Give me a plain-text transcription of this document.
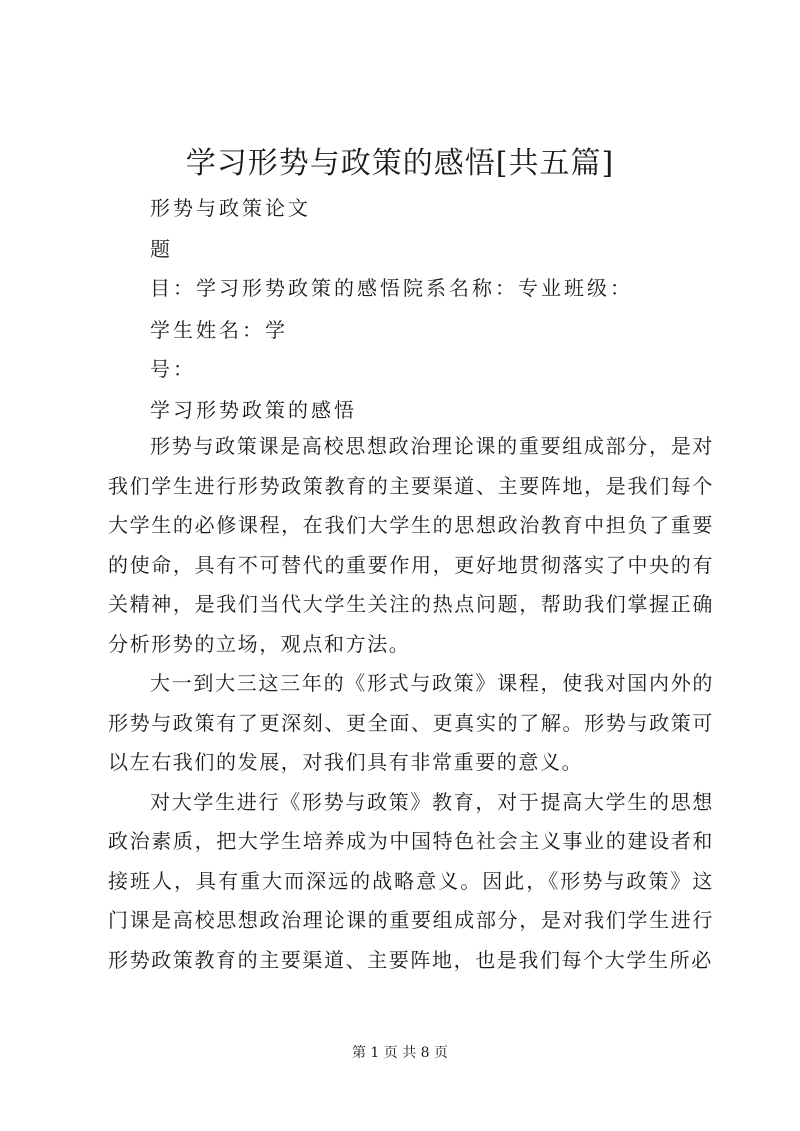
学习形势与政策的感悟[共五篇]
形势与政策论文
题
目：学习形势政策的感悟院系名称：专业班级：
学生姓名：学
号：
学习形势政策的感悟

形势与政策课是高校思想政治理论课的重要组成部分，是对我们学生进行形势政策教育的主要渠道、主要阵地，是我们每个大学生的必修课程，在我们大学生的思想政治教育中担负了重要的使命，具有不可替代的重要作用，更好地贯彻落实了中央的有关精神，是我们当代大学生关注的热点问题，帮助我们掌握正确分析形势的立场，观点和方法。

大一到大三这三年的《形式与政策》课程，使我对国内外的形势与政策有了更深刻、更全面、更真实的了解。形势与政策可以左右我们的发展，对我们具有非常重要的意义。

对大学生进行《形势与政策》教育，对于提高大学生的思想政治素质，把大学生培养成为中国特色社会主义事业的建设者和接班人，具有重大而深远的战略意义。因此，《形势与政策》这门课是高校思想政治理论课的重要组成部分，是对我们学生进行形势政策教育的主要渠道、主要阵地，也是我们每个大学生所必

第 1 页 共 8 页
